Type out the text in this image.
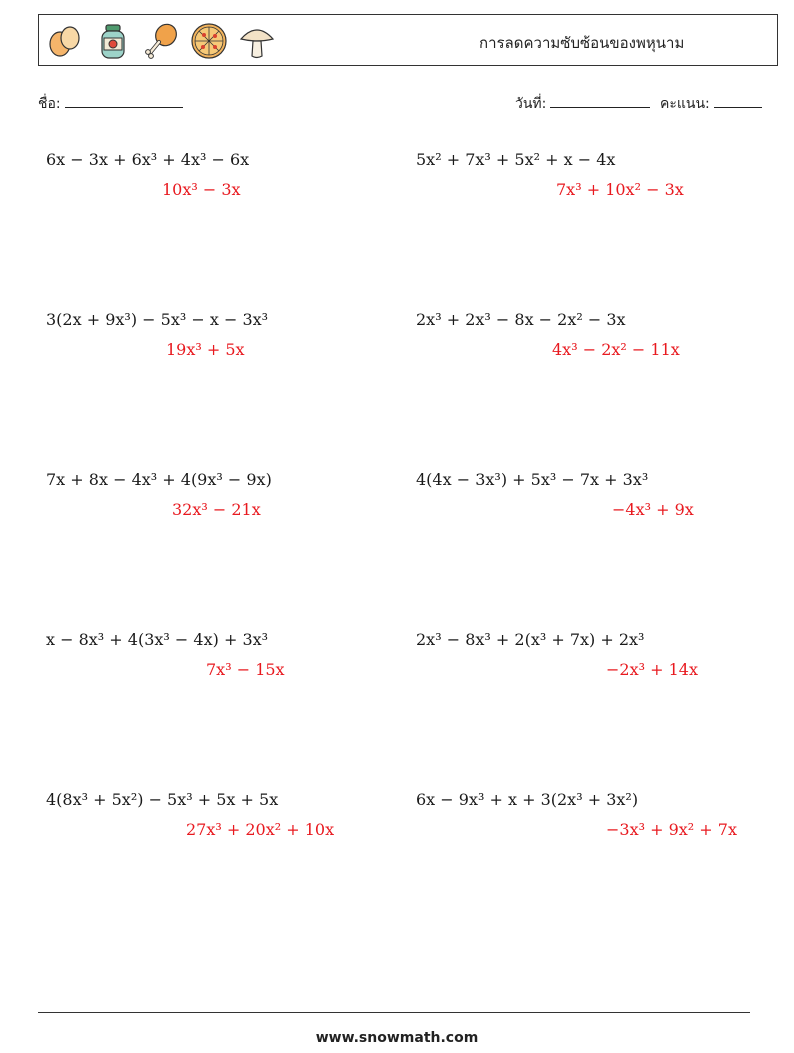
การลดความซับซ้อนของพหุนาม
ชื่อ:	วันที่:	คะแนน:
6x − 3x + 6x³ + 4x³ − 6x
10x³ − 3x
5x² + 7x³ + 5x² + x − 4x
7x³ + 10x² − 3x
3(2x + 9x³) − 5x³ − x − 3x³
19x³ + 5x
2x³ + 2x³ − 8x − 2x² − 3x
4x³ − 2x² − 11x
7x + 8x − 4x³ + 4(9x³ − 9x)
32x³ − 21x
4(4x − 3x³) + 5x³ − 7x + 3x³
−4x³ + 9x
x − 8x³ + 4(3x³ − 4x) + 3x³
7x³ − 15x
2x³ − 8x³ + 2(x³ + 7x) + 2x³
−2x³ + 14x
4(8x³ + 5x²) − 5x³ + 5x + 5x
27x³ + 20x² + 10x
6x − 9x³ + x + 3(2x³ + 3x²)
−3x³ + 9x² + 7x
www.snowmath.com
